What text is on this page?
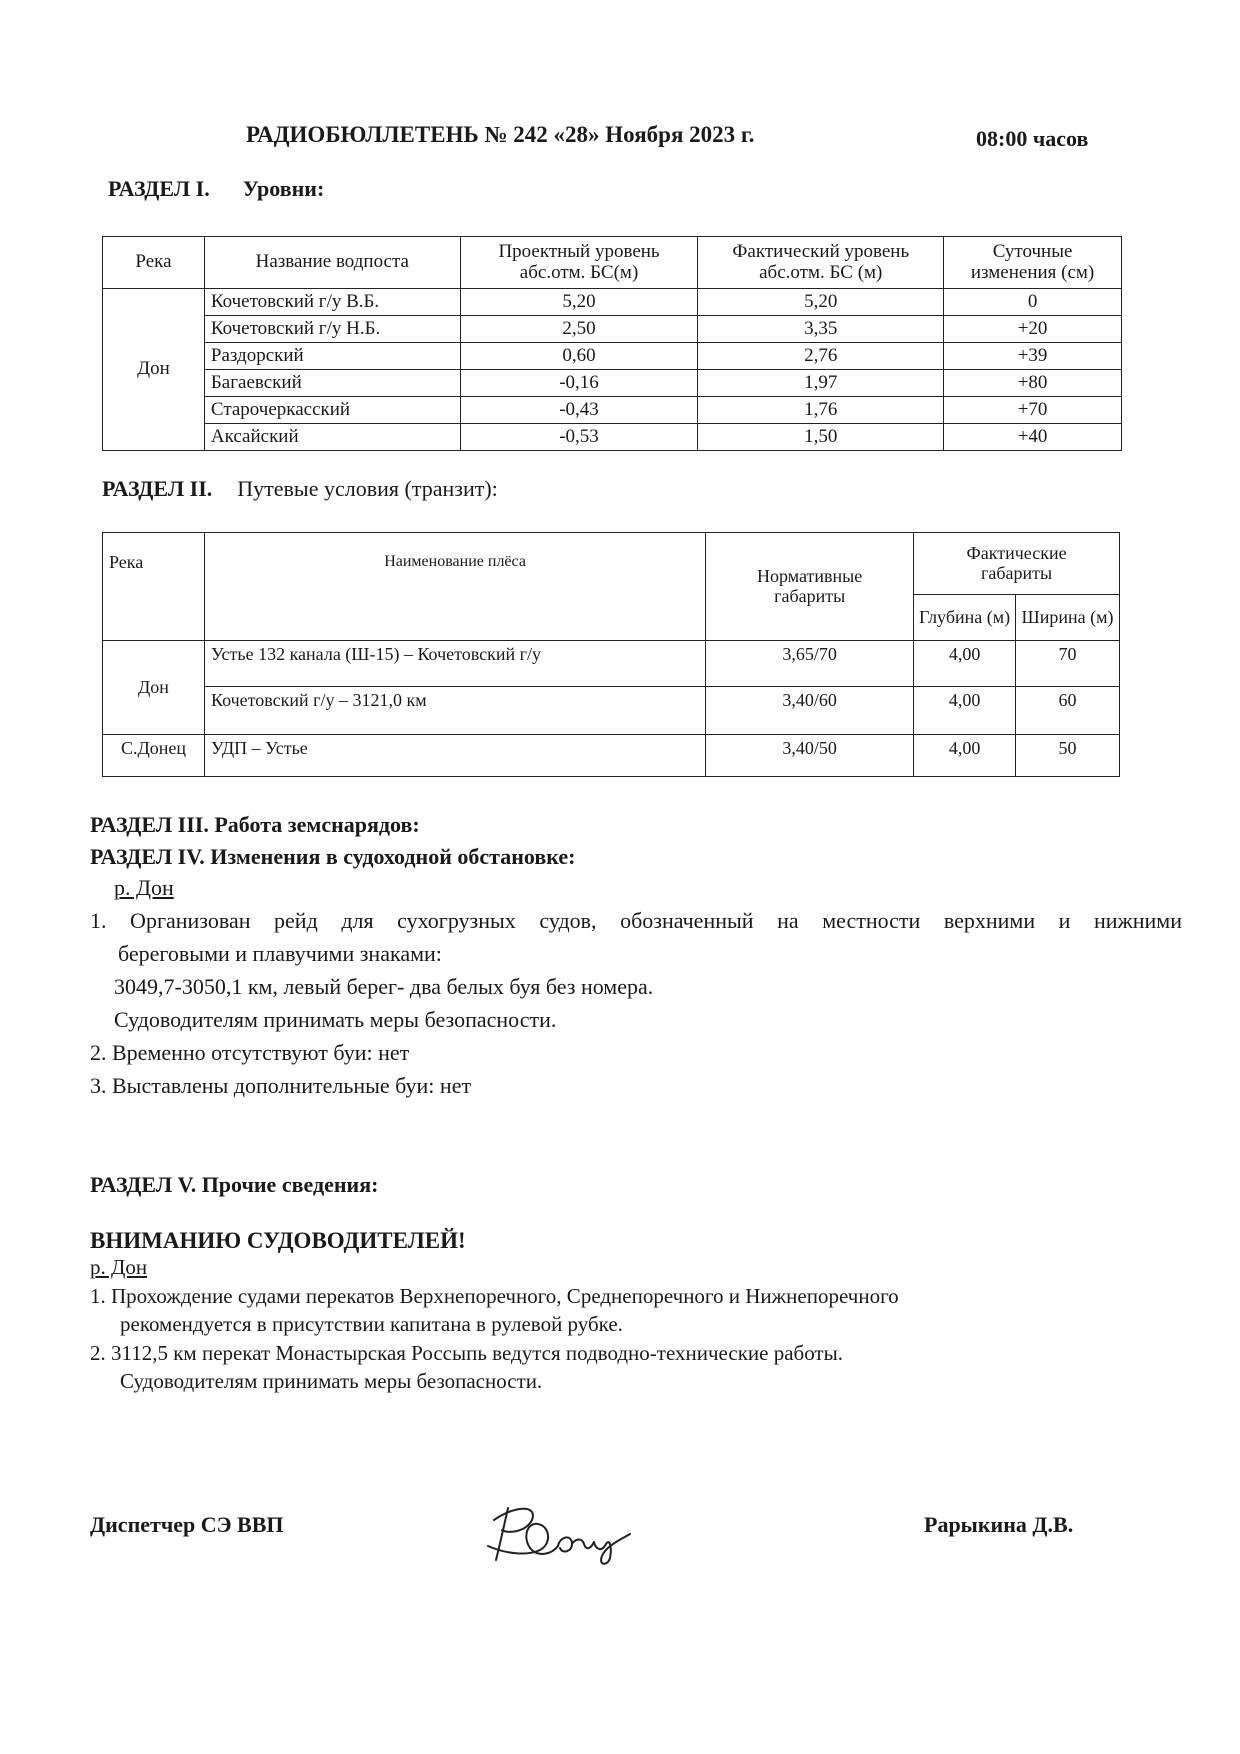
РАДИОБЮЛЛЕТЕНЬ № 242 «28» Ноября 2023 г.	08:00 часов
РАЗДЕЛ I. Уровни:
Река	Название водпоста	Проектный уровень абс.отм. БС(м)	Фактический уровень абс.отм. БС (м)	Суточные изменения (см)
Дон	Кочетовский г/у В.Б.	5,20	5,20	0
	Кочетовский г/у Н.Б.	2,50	3,35	+20
	Раздорский	0,60	2,76	+39
	Багаевский	-0,16	1,97	+80
	Старочеркасский	-0,43	1,76	+70
	Аксайский	-0,53	1,50	+40
РАЗДЕЛ II. Путевые условия (транзит):
Река	Наименование плёса	Нормативные габариты	Фактические габариты	
			Глубина (м)	Ширина (м)
Дон	Устье 132 канала (Ш-15) – Кочетовский г/у	3,65/70	4,00	70
	Кочетовский г/у – 3121,0 км	3,40/60	4,00	60
С.Донец	УДП – Устье	3,40/50	4,00	50
РАЗДЕЛ III. Работа земснарядов:
РАЗДЕЛ IV. Изменения в судоходной обстановке:
р. Дон
1. Организован рейд для сухогрузных судов, обозначенный на местности верхними и нижними
береговыми и плавучими знаками:
3049,7-3050,1 км, левый берег- два белых буя без номера.
Судоводителям принимать меры безопасности.
2. Временно отсутствуют буи: нет
3. Выставлены дополнительные буи: нет
РАЗДЕЛ V. Прочие сведения:
ВНИМАНИЮ СУДОВОДИТЕЛЕЙ!
р. Дон
1. Прохождение судами перекатов Верхнепоречного, Среднепоречного и Нижнепоречного
рекомендуется в присутствии капитана в рулевой рубке.
2. 3112,5 км перекат Монастырская Россыпь ведутся подводно-технические работы.
Судоводителям принимать меры безопасности.
Диспетчер СЭ ВВП	Рарыкина Д.В.
